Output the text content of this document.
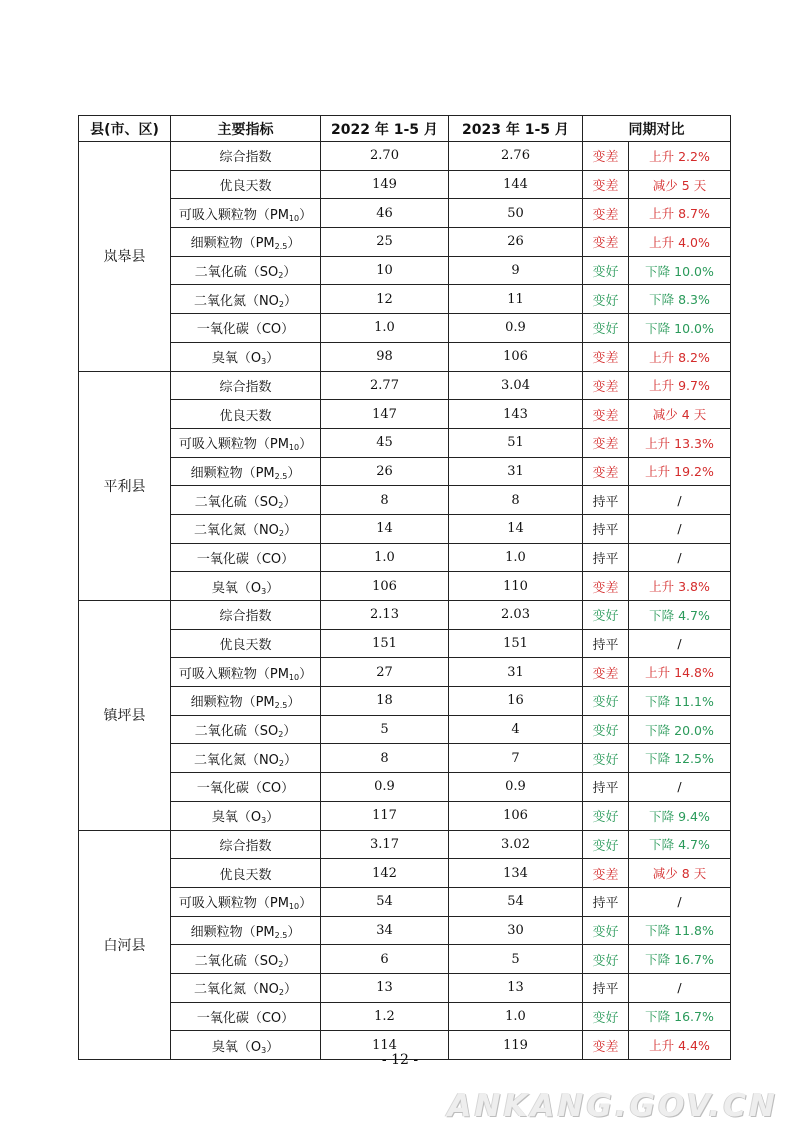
县(市、区)	主要指标	2022 年 1-5 月	2023 年 1-5 月	同期对比	
岚皋县	综合指数	2.70	2.76	变差	上升 2.2%
	优良天数	149	144	变差	减少 5 天
	可吸入颗粒物$(PM_{10})$	46	50	变差	上升 8.7%
	细颗粒物$(PM_{2.5})$	25	26	变差	上升 4.0%
	二氧化硫$(SO_2)$	10	9	变好	下降 10.0%
	二氧化氮$(NO_2)$	12	11	变好	下降 8.3%
	一氧化碳（CO）	1.0	0.9	变好	下降 10.0%
	臭氧$(O_3)$	98	106	变差	上升 8.2%
平利县	综合指数	2.77	3.04	变差	上升 9.7%
	优良天数	147	143	变差	减少 4 天
	可吸入颗粒物$(PM_{10})$	45	51	变差	上升 13.3%
	细颗粒物$(PM_{2.5})$	26	31	变差	上升 19.2%
	二氧化硫$(SO_2)$	8	8	持平	/
	二氧化氮$(NO_2)$	14	14	持平	/
	一氧化碳（CO）	1.0	1.0	持平	/
	臭氧$(O_3)$	106	110	变差	上升 3.8%
镇坪县	综合指数	2.13	2.03	变好	下降 4.7%
	优良天数	151	151	持平	/
	可吸入颗粒物$(PM_{10})$	27	31	变差	上升 14.8%
	细颗粒物$(PM_{2.5})$	18	16	变好	下降 11.1%
	二氧化硫$(SO_2)$	5	4	变好	下降 20.0%
	二氧化氮$(NO_2)$	8	7	变好	下降 12.5%
	一氧化碳（CO）	0.9	0.9	持平	/
	臭氧$(O_3)$	117	106	变好	下降 9.4%
白河县	综合指数	3.17	3.02	变好	下降 4.7%
	优良天数	142	134	变差	减少 8 天
	可吸入颗粒物$(PM_{10})$	54	54	持平	/
	细颗粒物$(PM_{2.5})$	34	30	变好	下降 11.8%
	二氧化硫$(SO_2)$	6	5	变好	下降 16.7%
	二氧化氮$(NO_2)$	13	13	持平	/
	一氧化碳（CO）	1.2	1.0	变好	下降 16.7%
	臭氧$(O_3)$	114	119	变差	上升 4.4%
- 12 -
ANKANG.GOV.CN
